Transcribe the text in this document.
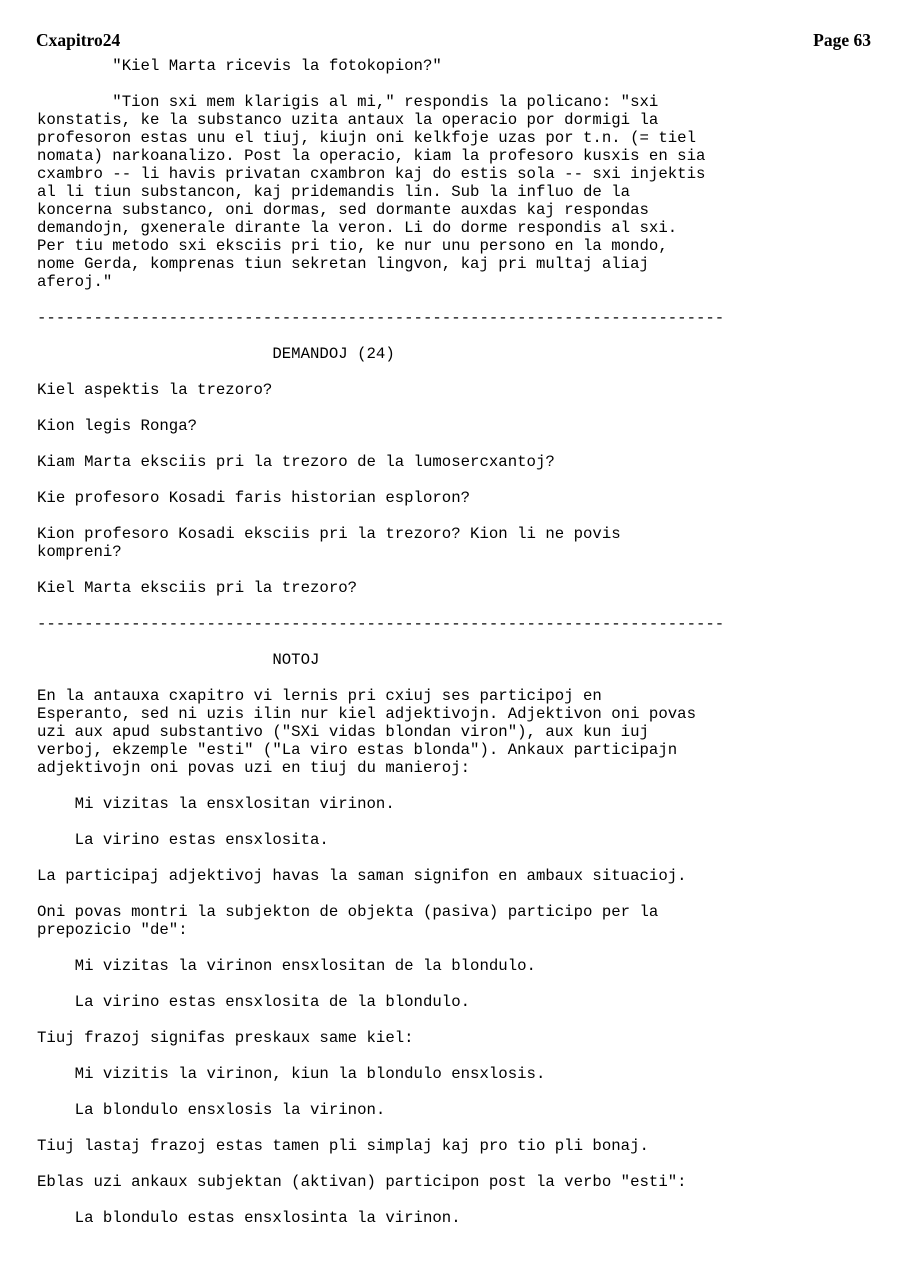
Cxapitro24	Page 63
"Kiel Marta ricevis la fotokopion?"
"Tion sxi mem klarigis al mi," respondis la policano: "sxi
konstatis, ke la substanco uzita antaux la operacio por dormigi la
profesoron estas unu el tiuj, kiujn oni kelkfoje uzas por t.n. (= tiel
nomata) narkoanalizo. Post la operacio, kiam la profesoro kusxis en sia
cxambro -- li havis privatan cxambron kaj do estis sola -- sxi injektis
al li tiun substancon, kaj pridemandis lin. Sub la influo de la
koncerna substanco, oni dormas, sed dormante auxdas kaj respondas
demandojn, gxenerale dirante la veron. Li do dorme respondis al sxi.
Per tiu metodo sxi eksciis pri tio, ke nur unu persono en la mondo,
nome Gerda, komprenas tiun sekretan lingvon, kaj pri multaj aliaj
aferoj."
-------------------------------------------------------------------------
DEMANDOJ (24)
Kiel aspektis la trezoro?
Kion legis Ronga?
Kiam Marta eksciis pri la trezoro de la lumosercxantoj?
Kie profesoro Kosadi faris historian esploron?
Kion profesoro Kosadi eksciis pri la trezoro? Kion li ne povis
kompreni?
Kiel Marta eksciis pri la trezoro?
-------------------------------------------------------------------------
NOTOJ
En la antauxa cxapitro vi lernis pri cxiuj ses participoj en
Esperanto, sed ni uzis ilin nur kiel adjektivojn. Adjektivon oni povas
uzi aux apud substantivo ("SXi vidas blondan viron"), aux kun iuj
verboj, ekzemple "esti" ("La viro estas blonda"). Ankaux participajn
adjektivojn oni povas uzi en tiuj du manieroj:
Mi vizitas la ensxlositan virinon.
La virino estas ensxlosita.
La participaj adjektivoj havas la saman signifon en ambaux situacioj.
Oni povas montri la subjekton de objekta (pasiva) participo per la
prepozicio "de":
Mi vizitas la virinon ensxlositan de la blondulo.
La virino estas ensxlosita de la blondulo.
Tiuj frazoj signifas preskaux same kiel:
Mi vizitis la virinon, kiun la blondulo ensxlosis.
La blondulo ensxlosis la virinon.
Tiuj lastaj frazoj estas tamen pli simplaj kaj pro tio pli bonaj.
Eblas uzi ankaux subjektan (aktivan) participon post la verbo "esti":
La blondulo estas ensxlosinta la virinon.
